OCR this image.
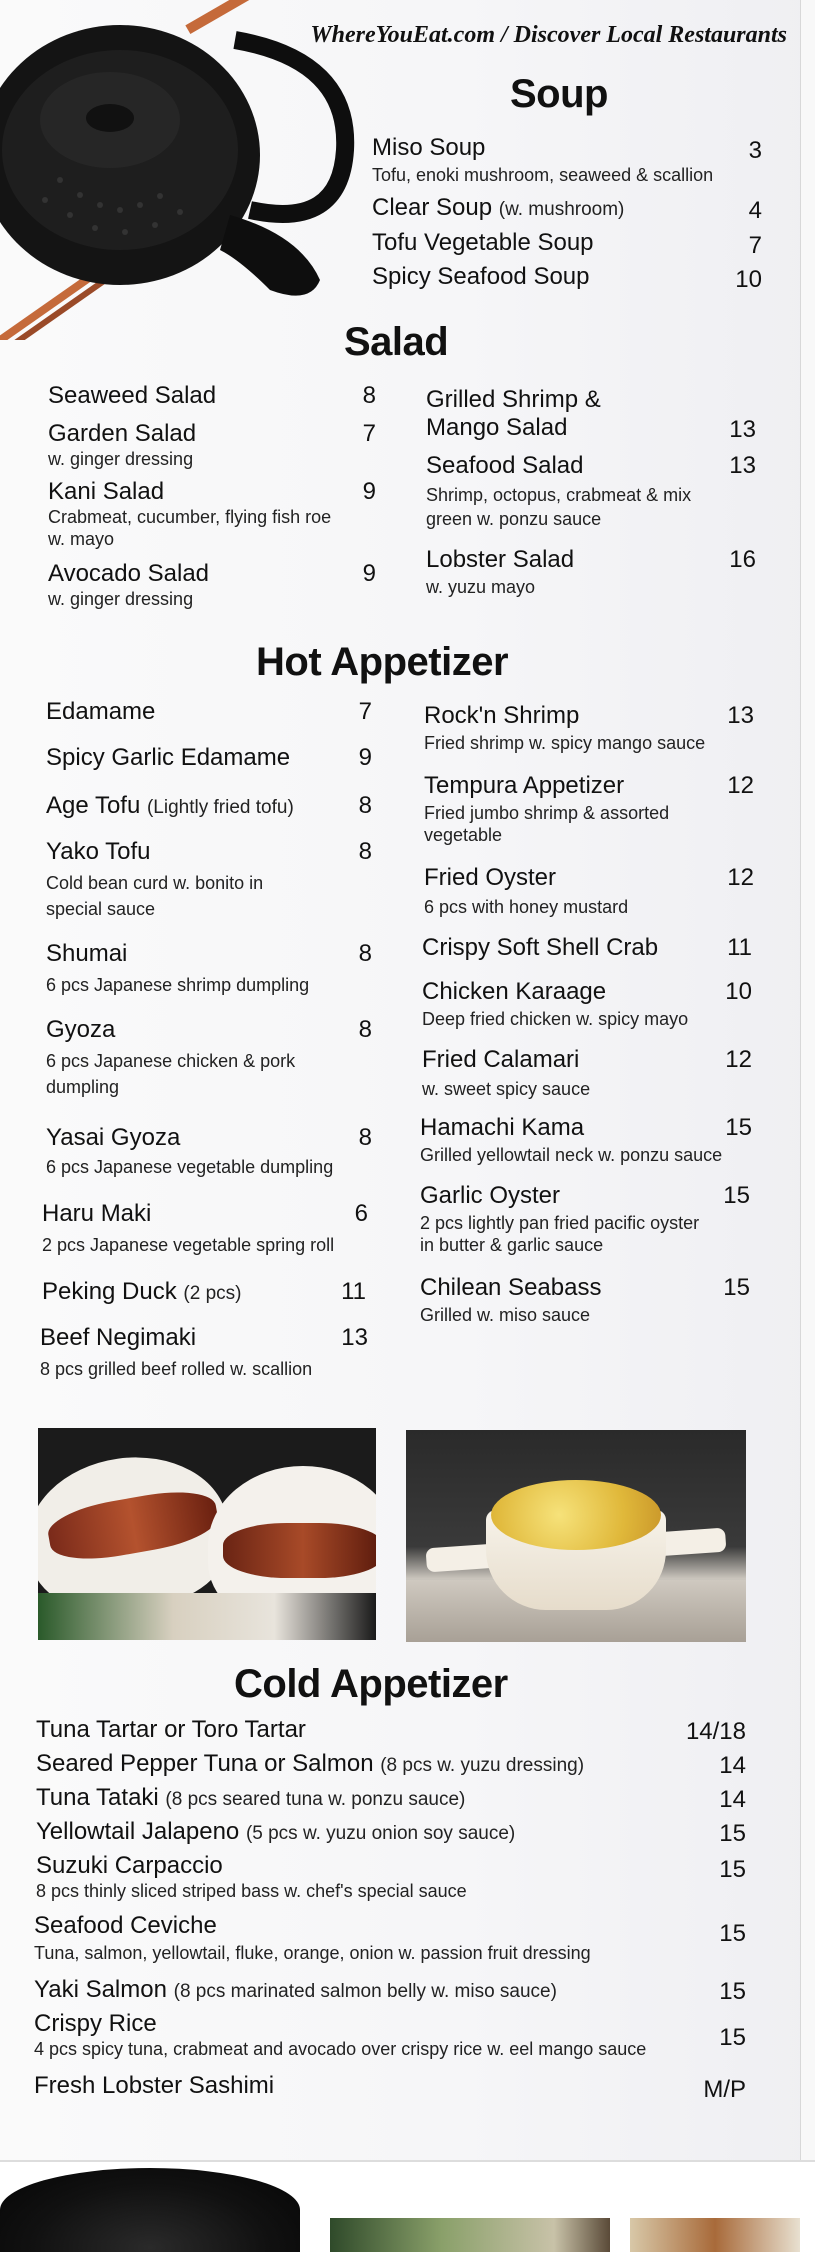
WhereYouEat.com / Discover Local Restaurants
Soup
Miso Soup
Tofu, enoki mushroom, seaweed & scallion
3
Clear Soup (w. mushroom)	4
Tofu Vegetable Soup	7
Spicy Seafood Soup	10
Salad
Seaweed Salad	8
Garden Salad
w. ginger dressing
7
Kani Salad
Crabmeat, cucumber, flying fish roe
w. mayo
9
Avocado Salad
w. ginger dressing
9
Grilled Shrimp &
Mango Salad	13
Seafood Salad
Shrimp, octopus, crabmeat & mix
green w. ponzu sauce
13
Lobster Salad
w. yuzu mayo
16
Hot Appetizer
Edamame	7
Spicy Garlic Edamame	9
Age Tofu (Lightly fried tofu)	8
Yako Tofu
Cold bean curd w. bonito in
special sauce
8
Shumai
6 pcs Japanese shrimp dumpling
8
Gyoza
6 pcs Japanese chicken & pork
dumpling
8
Yasai Gyoza
6 pcs Japanese vegetable dumpling
8
Haru Maki
2 pcs Japanese vegetable spring roll
6
Peking Duck (2 pcs)	11
Beef Negimaki
8 pcs grilled beef rolled w. scallion
13
Rock'n Shrimp
Fried shrimp w. spicy mango sauce
13
Tempura Appetizer
Fried jumbo shrimp & assorted
vegetable
12
Fried Oyster
6 pcs with honey mustard
12
Crispy Soft Shell Crab	11
Chicken Karaage
Deep fried chicken w. spicy mayo
10
Fried Calamari
w. sweet spicy sauce
12
Hamachi Kama
Grilled yellowtail neck w. ponzu sauce
15
Garlic Oyster
2 pcs lightly pan fried pacific oyster
in butter & garlic sauce
15
Chilean Seabass
Grilled w. miso sauce
15
Cold Appetizer
Tuna Tartar or Toro Tartar	14/18
Seared Pepper Tuna or Salmon (8 pcs w. yuzu dressing)	14
Tuna Tataki (8 pcs seared tuna w. ponzu sauce)	14
Yellowtail Jalapeno (5 pcs w. yuzu onion soy sauce)	15
Suzuki Carpaccio
8 pcs thinly sliced striped bass w. chef's special sauce
15
Seafood Ceviche
Tuna, salmon, yellowtail, fluke, orange, onion w. passion fruit dressing
15
Yaki Salmon (8 pcs marinated salmon belly w. miso sauce)	15
Crispy Rice
4 pcs spicy tuna, crabmeat and avocado over crispy rice w. eel mango sauce	15
Fresh Lobster Sashimi	M/P
